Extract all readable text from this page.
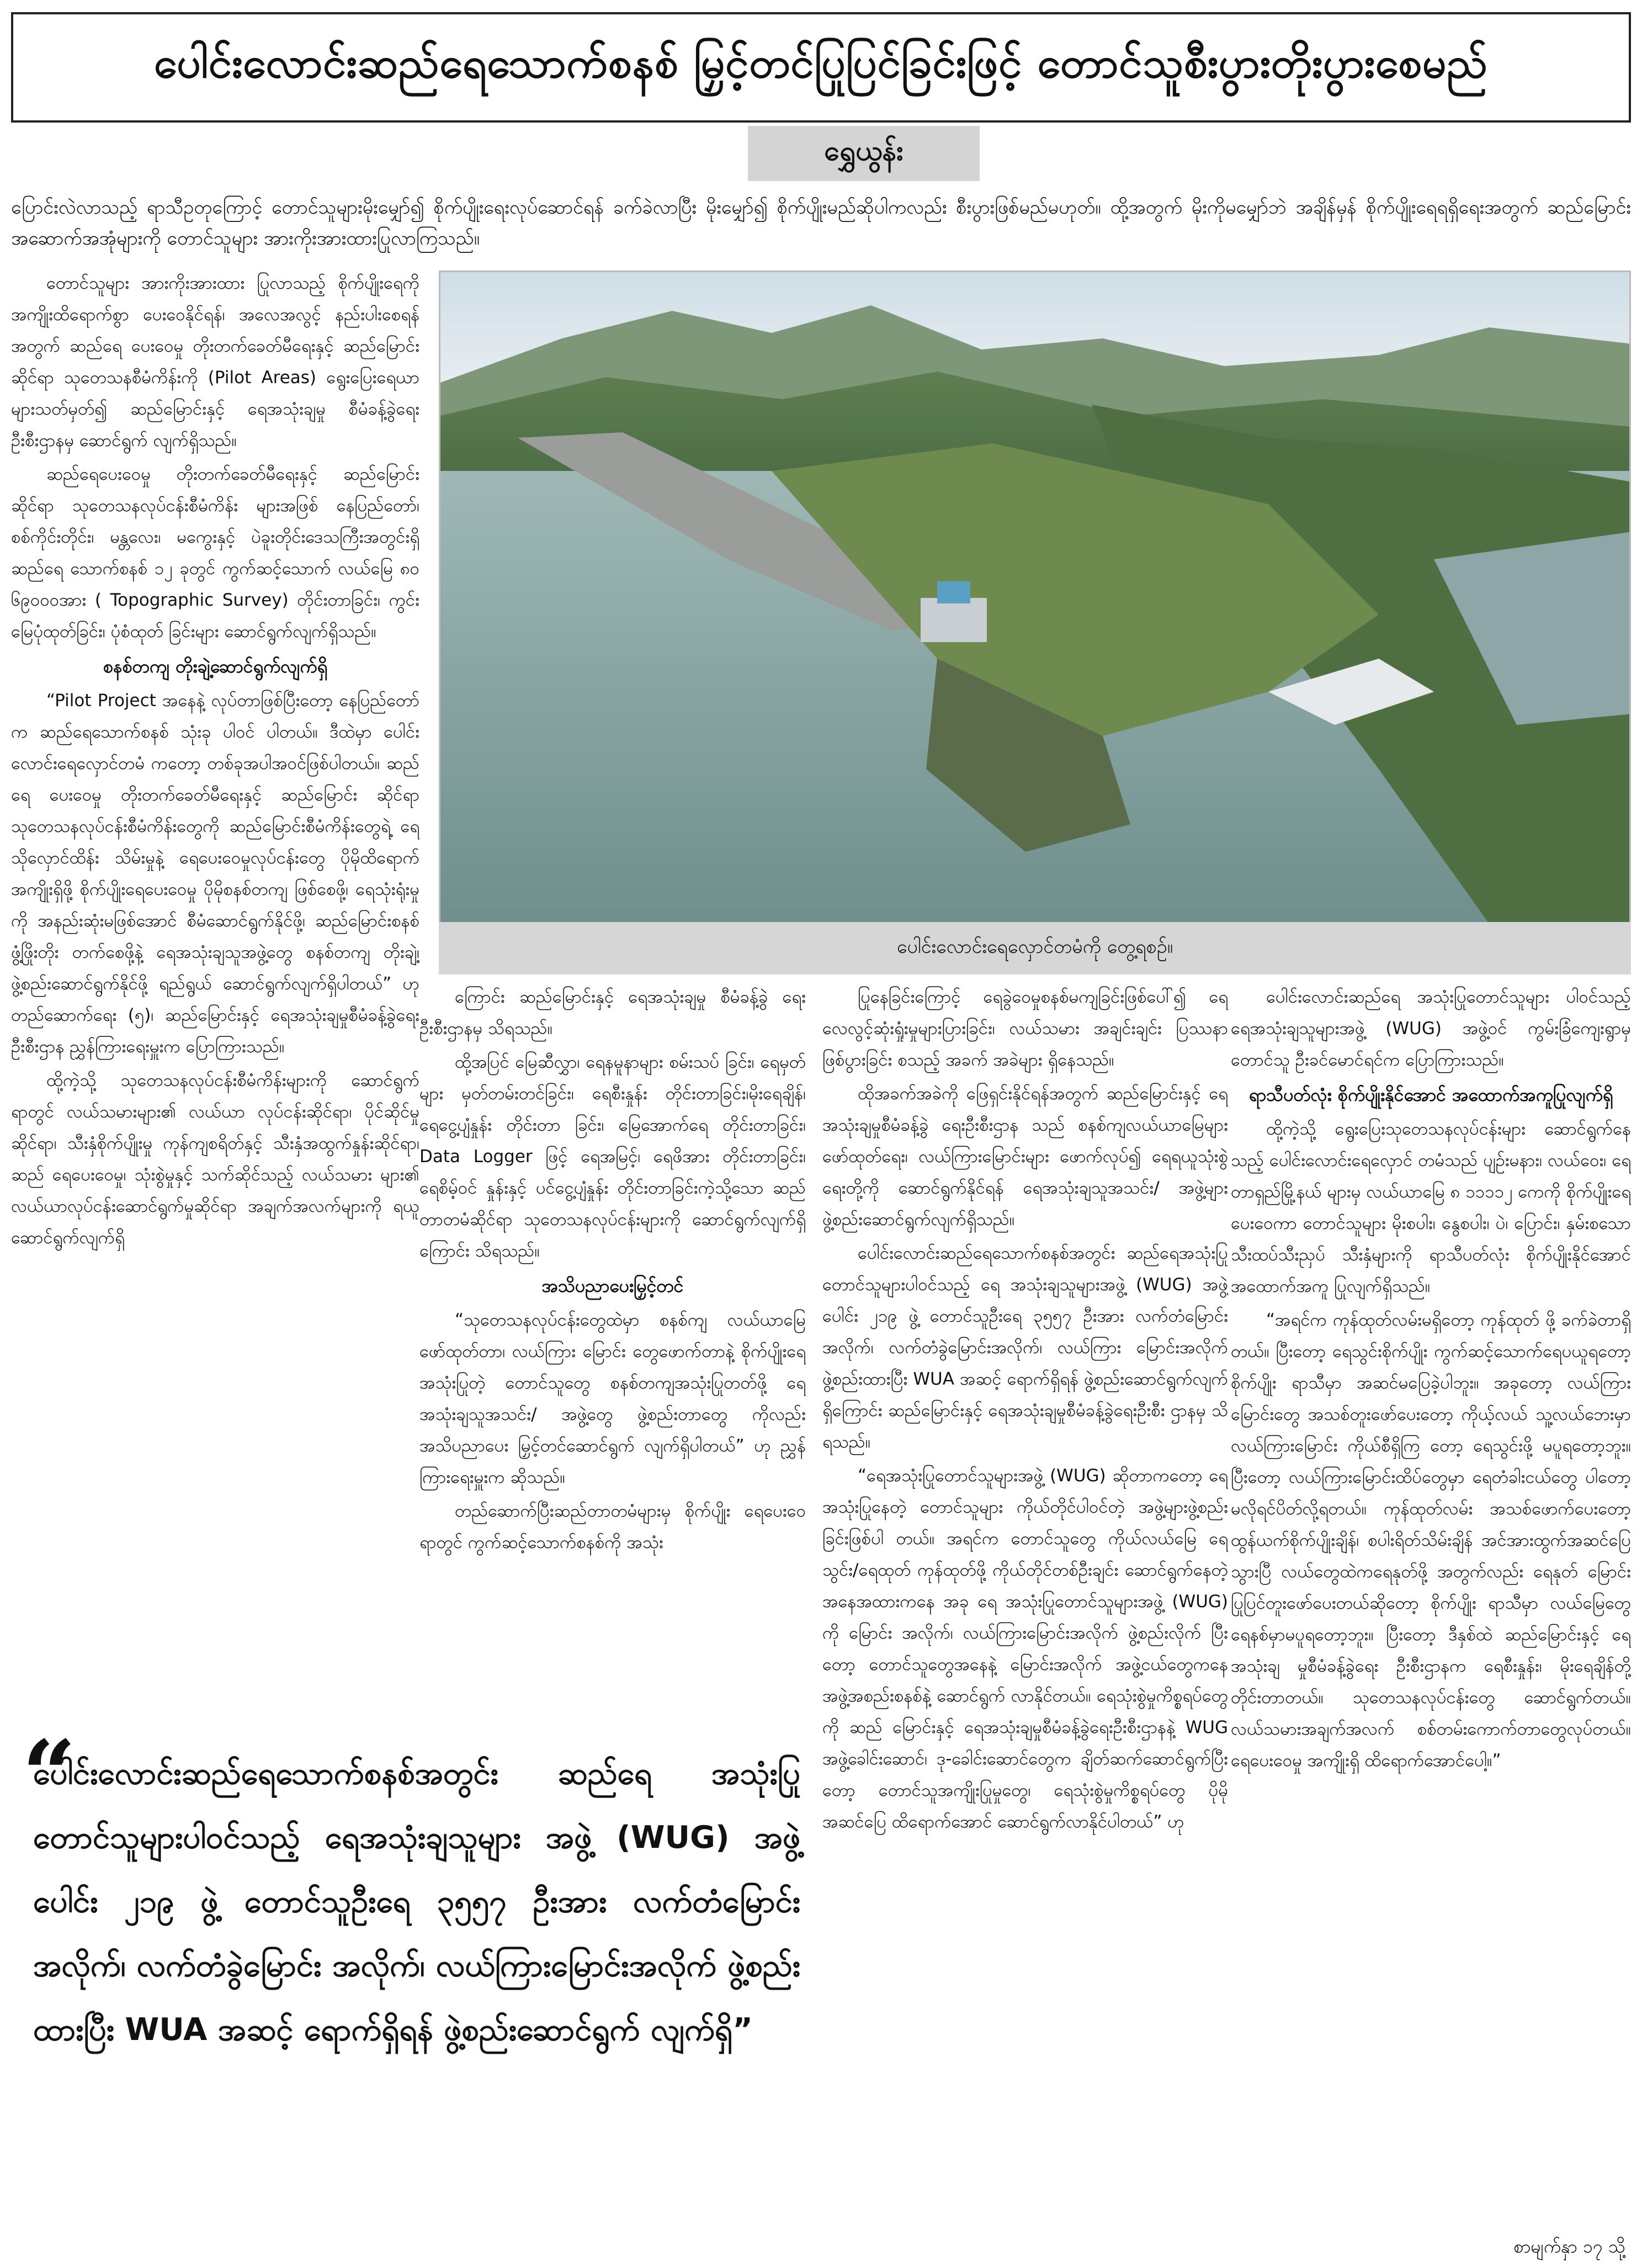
ပေါင်းလောင်းဆည်ရေသောက်စနစ် မြှင့်တင်ပြုပြင်ခြင်းဖြင့် တောင်သူစီးပွားတိုးပွားစေမည်
ရွှေယွန်း
ပြောင်းလဲလာသည့် ရာသီဥတုကြောင့် တောင်သူများမိုးမျှော်၍ စိုက်ပျိုးရေးလုပ်ဆောင်ရန် ခက်ခဲလာပြီး မိုးမျှော်၍ စိုက်ပျိုးမည်ဆိုပါကလည်း စီးပွားဖြစ်မည်မဟုတ်။ ထို့အတွက် မိုးကိုမမျှော်ဘဲ အချိန်မှန် စိုက်ပျိုးရေရရှိရေးအတွက် ဆည်မြောင်းအဆောက်အအုံများကို တောင်သူများ အားကိုးအားထားပြုလာကြသည်။

တောင်သူများ အားကိုးအားထား ပြုလာသည့် စိုက်ပျိုးရေကို အကျိုးထိရောက်စွာ ပေးဝေနိုင်ရန်၊ အလေအလွင့် နည်းပါးစေရန်အတွက် ဆည်ရေ ပေးဝေမှု တိုးတက်ခေတ်မီရေးနှင့် ဆည်မြောင်း ဆိုင်ရာ သုတေသနစီမံကိန်းကို (Pilot Areas) ရွေးပြေးရေယာများသတ်မှတ်၍ ဆည်မြောင်းနှင့် ရေအသုံးချမှု စီမံခန့်ခွဲရေးဦးစီးဌာနမှ ဆောင်ရွက် လျက်ရှိသည်။

ဆည်ရေပေးဝေမှု တိုးတက်ခေတ်မီရေးနှင့် ဆည်မြောင်းဆိုင်ရာ သုတေသနလုပ်ငန်းစီမံကိန်း များအဖြစ် နေပြည်တော်၊ စစ်ကိုင်းတိုင်း၊ မန္တလေး၊ မကွေးနှင့် ပဲခူးတိုင်းဒေသကြီးအတွင်းရှိ ဆည်ရေ သောက်စနစ် ၁၂ ခုတွင် ကွက်ဆင့်သောက် လယ်မြေ ၈၀ ၆၉၀၀၀အား ( Topographic Survey) တိုင်းတာခြင်း၊ ကွင်းမြေပုံထုတ်ခြင်း၊ ပုံစံထုတ် ခြင်းများ ဆောင်ရွက်လျက်ရှိသည်။

စနစ်တကျ တိုးချဲ့ဆောင်ရွက်လျက်ရှိ

“Pilot Project အနေနဲ့ လုပ်တာဖြစ်ပြီးတော့ နေပြည်တော်က ဆည်ရေသောက်စနစ် သုံးခု ပါဝင် ပါတယ်။ ဒီထဲမှာ ပေါင်းလောင်းရေလှောင်တမံ ကတော့ တစ်ခုအပါအဝင်ဖြစ်ပါတယ်။ ဆည်ရေ ပေးဝေမှု တိုးတက်ခေတ်မီရေးနှင့် ဆည်မြောင်း ဆိုင်ရာ သုတေသနလုပ်ငန်းစီမံကိန်းတွေကို ဆည်မြောင်းစီမံကိန်းတွေရဲ့ ရေသိုလှောင်ထိန်း သိမ်းမှုနဲ့ ရေပေးဝေမှုလုပ်ငန်းတွေ ပိုမိုထိရောက် အကျိုးရှိဖို့ စိုက်ပျိုးရေပေးဝေမှု ပိုမိုစနစ်တကျ ဖြစ်စေဖို့၊ ရေသုံးရုံးမှုကို အနည်းဆုံးမဖြစ်အောင် စီမံဆောင်ရွက်နိုင်ဖို့၊ ဆည်မြောင်းစနစ် ဖွံ့ဖြိုးတိုး တက်စေဖို့နဲ့ ရေအသုံးချသူအဖွဲ့တွေ စနစ်တကျ တိုးချဲ့၊ ဖွဲ့စည်းဆောင်ရွက်နိုင်ဖို့ ရည်ရွယ် ဆောင်ရွက်လျက်ရှိပါတယ်” ဟု တည်ဆောက်ရေး (၅)၊ ဆည်မြောင်းနှင့် ရေအသုံးချမှုစီမံခန့်ခွဲရေး ဦးစီးဌာန ညွှန်ကြားရေးမှူးက ပြောကြားသည်။

ထို့ကဲ့သို့ သုတေသနလုပ်ငန်းစီမံကိန်းများကို ဆောင်ရွက်ရာတွင် လယ်သမားများ၏ လယ်ယာ လုပ်ငန်းဆိုင်ရာ၊ ပိုင်ဆိုင်မှုဆိုင်ရာ၊ သီးနှံစိုက်ပျိုးမှု ကုန်ကျစရိတ်နှင့် သီးနှံအထွက်နှုန်းဆိုင်ရာ၊ ဆည် ရေပေးဝေမှု၊ သုံးစွဲမှုနှင့် သက်ဆိုင်သည့် လယ်သမား များ၏ လယ်ယာလုပ်ငန်းဆောင်ရွက်မှုဆိုင်ရာ အချက်အလက်များကို ရယူဆောင်ရွက်လျက်ရှိ

ပေါင်းလောင်းရေလှောင်တမံကို တွေ့ရစဉ်။

ကြောင်း ဆည်မြောင်းနှင့် ရေအသုံးချမှု စီမံခန့်ခွဲ ရေးဦးစီးဌာနမှ သိရသည်။

ထို့အပြင် မြေဆီလွှာ၊ ရေနမူနာများ စမ်းသပ် ခြင်း၊ ရေမှတ်များ မှတ်တမ်းတင်ခြင်း၊ ရေစီးနှုန်း တိုင်းတာခြင်း၊မိုးရေချိန်၊ ရေငွေ့ပျံနှုန်း တိုင်းတာ ခြင်း၊ မြေအောက်ရေ တိုင်းတာခြင်း၊ Data Logger ဖြင့် ရေအမြင့်၊ ရေဖိအား တိုင်းတာခြင်း၊ ရေစိမ့်ဝင် နှုန်းနှင့် ပင်ငွေ့ပျံနှုန်း တိုင်းတာခြင်းကဲ့သို့သော ဆည်တာတမံဆိုင်ရာ သုတေသနလုပ်ငန်းများကို ဆောင်ရွက်လျက်ရှိကြောင်း သိရသည်။

အသိပညာပေးမြှင့်တင်

“သုတေသနလုပ်ငန်းတွေထဲမှာ စနစ်ကျ လယ်ယာမြေ ဖော်ထုတ်တာ၊ လယ်ကြား မြောင်း တွေဖောက်တာနဲ့ စိုက်ပျိုးရေအသုံးပြုတဲ့ တောင်သူတွေ စနစ်တကျအသုံးပြုတတ်ဖို့ ရေ အသုံးချသူအသင်း/ အဖွဲ့တွေ ဖွဲ့စည်းတာတွေ ကိုလည်း အသိပညာပေး မြှင့်တင်ဆောင်ရွက် လျက်ရှိပါတယ်” ဟု ညွှန်ကြားရေးမှူးက ဆိုသည်။

တည်ဆောက်ပြီးဆည်တာတမံများမှ စိုက်ပျိုး ရေပေးဝေရာတွင် ကွက်ဆင့်သောက်စနစ်ကို အသုံး

ပြုနေခြင်းကြောင့် ရေခွဲဝေမှုစနစ်မကျခြင်းဖြစ်ပေါ်၍ ရေလေလွင့်ဆုံးရှုံးမှုများပြားခြင်း၊ လယ်သမား အချင်းချင်း ပြဿနာဖြစ်ပွားခြင်း စသည့် အခက် အခဲများ ရှိနေသည်။

ထိုအခက်အခဲကို ဖြေရှင်းနိုင်ရန်အတွက် ဆည်မြောင်းနှင့် ရေအသုံးချမှုစီမံခန့်ခွဲ ရေးဦးစီးဌာန သည် စနစ်ကျလယ်ယာမြေများ ဖော်ထုတ်ရေး၊ လယ်ကြားမြောင်းများ ဖောက်လုပ်၍ ရေရယူသုံးစွဲ ရေးတို့ကို ဆောင်ရွက်နိုင်ရန် ရေအသုံးချသူအသင်း/ အဖွဲ့များ ဖွဲ့စည်းဆောင်ရွက်လျက်ရှိသည်။

ပေါင်းလောင်းဆည်ရေသောက်စနစ်အတွင်း ဆည်ရေအသုံးပြုတောင်သူများပါဝင်သည့် ရေ အသုံးချသူများအဖွဲ့ (WUG) အဖွဲ့ပေါင်း ၂၁၉ ဖွဲ့ တောင်သူဦးရေ ၃၅၅၇ ဦးအား လက်တံမြောင်း အလိုက်၊ လက်တံခွဲမြောင်းအလိုက်၊ လယ်ကြား မြောင်းအလိုက် ဖွဲ့စည်းထားပြီး WUA အဆင့် ရောက်ရှိရန် ဖွဲ့စည်းဆောင်ရွက်လျက်ရှိကြောင်း ဆည်မြောင်းနှင့် ရေအသုံးချမှုစီမံခန့်ခွဲရေးဦးစီး ဌာနမှ သိရသည်။

“ရေအသုံးပြုတောင်သူများအဖွဲ့ (WUG) ဆိုတာကတော့ ရေအသုံးပြုနေတဲ့ တောင်သူများ ကိုယ်တိုင်ပါဝင်တဲ့ အဖွဲ့များဖွဲ့စည်းခြင်းဖြစ်ပါ တယ်။ အရင်က တောင်သူတွေ ကိုယ်လယ်မြေ ရေသွင်း/ရေထုတ် ကုန်ထုတ်ဖို့ ကိုယ်တိုင်တစ်ဦးချင်း ဆောင်ရွက်နေတဲ့အနေအထားကနေ အခု ရေ အသုံးပြုတောင်သူများအဖွဲ့ (WUG) ကို မြောင်း အလိုက်၊ လယ်ကြားမြောင်းအလိုက် ဖွဲ့စည်းလိုက် ပြီးတော့ တောင်သူတွေအနေနဲ့ မြောင်းအလိုက် အဖွဲ့ငယ်တွေကနေ အဖွဲ့အစည်းစနစ်နဲ့ ဆောင်ရွက် လာနိုင်တယ်။ ရေသုံးစွဲမှုကိစ္စရပ်တွေကို ဆည် မြောင်းနှင့် ရေအသုံးချမှုစီမံခန့်ခွဲရေးဦးစီးဌာနနဲ့ WUG အဖွဲ့ခေါင်းဆောင်၊ ဒု-ခေါင်းဆောင်တွေက ချိတ်ဆက်ဆောင်ရွက်ပြီးတော့ တောင်သူအကျိုးပြုမှုတွေ၊ ရေသုံးစွဲမှုကိစ္စရပ်တွေ ပိုမိုအဆင်ပြေ ထိရောက်အောင် ဆောင်ရွက်လာနိုင်ပါတယ်” ဟု

ပေါင်းလောင်းဆည်ရေ အသုံးပြုတောင်သူများ ပါဝင်သည့် ရေအသုံးချသူများအဖွဲ့ (WUG) အဖွဲ့ဝင် ကွမ်းခြံကျေးရွာမှ တောင်သူ ဦးခင်မောင်ရင်က ပြောကြားသည်။

ရာသီပတ်လုံး စိုက်ပျိုးနိုင်အောင် အထောက်အကူပြုလျက်ရှိ

ထို့ကဲ့သို့ ရွေးပြေးသုတေသနလုပ်ငန်းများ ဆောင်ရွက်နေသည့် ပေါင်းလောင်းရေလှောင် တမံသည် ပျဉ်းမနား၊ လယ်ဝေး၊ ရေတာရှည်မြို့နယ် များမှ လယ်ယာမြေ ၈ ၁၁၁၁၂ ကေကို စိုက်ပျိုးရေ ပေးဝေကာ တောင်သူများ မိုးစပါး၊ နွေစပါး၊ ပဲ၊ ပြောင်း၊ နှမ်းစသော သီးထပ်သီးညှပ် သီးနှံများကို ရာသီပတ်လုံး စိုက်ပျိုးနိုင်အောင် အထောက်အကူ ပြုလျက်ရှိသည်။

“အရင်က ကုန်ထုတ်လမ်းမရှိတော့ ကုန်ထုတ် ဖို့ ခက်ခဲတာရှိတယ်။ ပြီးတော့ ရေသွင်းစိုက်ပျိုး ကွက်ဆင့်သောက်ရေပယူရတော့ စိုက်ပျိုး ရာသီမှာ အဆင်မပြေခဲ့ပါဘူး။ အခုတော့ လယ်ကြား မြောင်းတွေ အသစ်တူးဖော်ပေးတော့ ကိုယ့်လယ် သူ့လယ်ဘေးမှာ လယ်ကြားမြောင်း ကိုယ်စီရှိကြ တော့ ရေသွင်းဖို့ မပူရတော့ဘူး။ ပြီးတော့ လယ်ကြားမြောင်းထိပ်တွေမှာ ရေတံခါးငယ်တွေ ပါတော့ မလိုရင်ပိတ်လို့ရတယ်။ ကုန်ထုတ်လမ်း အသစ်ဖောက်ပေးတော့ ထွန်ယက်စိုက်ပျိုးချိန်၊ စပါးရိတ်သိမ်းချိန် အင်အားထွက်အဆင်ပြေသွားပြီ လယ်တွေထဲကရေနုတ်ဖို့ အတွက်လည်း ရေနုတ် မြောင်းပြုပြင်တူးဖော်ပေးတယ်ဆိုတော့ စိုက်ပျိုး ရာသီမှာ လယ်မြေတွေ ရေနစ်မှာမပူရတော့ဘူး။ ပြီးတော့ ဒီနှစ်ထဲ ဆည်မြောင်းနှင့် ရေအသုံးချ မှုစီမံခန့်ခွဲရေး ဦးစီးဌာနက ရေစီးနှုန်း၊ မိုးရေချိန်တို့ တိုင်းတာတယ်။ သုတေသနလုပ်ငန်းတွေ ဆောင်ရွက်တယ်။ လယ်သမားအချက်အလက် စစ်တမ်းကောက်တာတွေလုပ်တယ်။ ရေပေးဝေမှု အကျိုးရှိ ထိရောက်အောင်ပေါ့။”

“
ပေါင်းလောင်းဆည်ရေသောက်စနစ်အတွင်း ဆည်ရေ အသုံးပြုတောင်သူများပါဝင်သည့် ရေအသုံးချသူများ အဖွဲ့ (WUG) အဖွဲ့ပေါင်း ၂၁၉ ဖွဲ့ တောင်သူဦးရေ ၃၅၅၇ ဦးအား လက်တံမြောင်း အလိုက်၊ လက်တံခွဲမြောင်း အလိုက်၊ လယ်ကြားမြောင်းအလိုက် ဖွဲ့စည်းထားပြီး WUA အဆင့် ရောက်ရှိရန် ဖွဲ့စည်းဆောင်ရွက် လျက်ရှိ”
စာမျက်နှာ ၁၇ သို့
